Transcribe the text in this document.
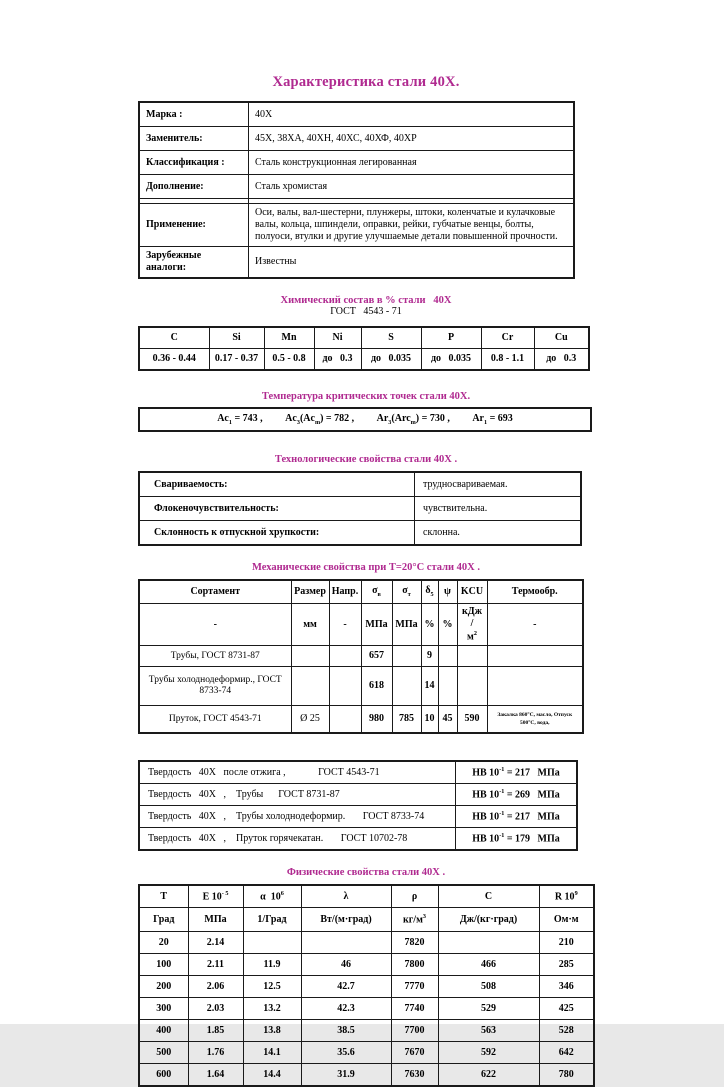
Характеристика стали 40Х.
Марка :	40Х
Заменитель:	45Х, 38ХА, 40ХН, 40ХС, 40ХФ, 40ХР
Классификация :	Сталь конструкционная легированная
Дополнение:	Сталь хромистая

Применение:	Оси, валы, вал-шестерни, плунжеры, штоки, коленчатые и кулачковые валы, кольца, шпиндели, оправки, рейки, губчатые венцы, болты, полуоси, втулки и другие улучшаемые детали повышенной прочности.
Зарубежные аналоги:	Известны
Химический состав в % стали   40Х
ГОСТ   4543 - 71
С	Si	Mn	Ni	S	P	Cr	Cu
0.36 - 0.44	0.17 - 0.37	0.5 - 0.8	до   0.3	до   0.035	до   0.035	0.8 - 1.1	до   0.3
Температура критических точек стали 40Х.
$Ac_1 = 743$ , $Ac_3(Ac_m) = 782$ , $Ar_3(Arc_m) = 730$ , $Ar_1 = 693$
Технологические свойства стали 40Х .
Свариваемость:	трудносвариваемая.
Флокеночувствительность:	чувствительна.
Склонность к отпускной хрупкости:	склонна.
Механические свойства при Т=20°С стали 40Х .
Сортамент	Размер	Напр.	$\sigma_в$	$\sigma_т$	$\delta_5$	ψ	KCU	Термообр.
-	мм	-	МПа	МПа	%	%	кДж /
$м^2$	-
Трубы, ГОСТ 8731-87			657		9			
Трубы холоднодеформир., ГОСТ 8733-74			618		14			
Пруток, ГОСТ 4543-71	Ø 25		980	785	10	45	590	Закалка 860°С, масло, Отпуск 500°С, вода,
Твердость   40Х   после отжига ,             ГОСТ 4543-71	НВ $10^{-1} = 217$   МПа
Твердость   40Х   ,    Трубы      ГОСТ 8731-87	НВ $10^{-1} = 269$   МПа
Твердость   40Х   ,    Трубы холоднодеформир.       ГОСТ 8733-74	НВ $10^{-1} = 217$   МПа
Твердость   40Х   ,    Пруток горячекатан.       ГОСТ 10702-78	НВ $10^{-1} = 179$   МПа
Физические свойства стали 40Х .
Т	Е $10^{- 5}$	α  $10^6$	λ	ρ	С	R $10^9$
Град	МПа	1/Град	Вт/(м·град)	$кг/м^3$	Дж/(кг·град)	Ом·м
20	2.14			7820		210
100	2.11	11.9	46	7800	466	285
200	2.06	12.5	42.7	7770	508	346
300	2.03	13.2	42.3	7740	529	425
400	1.85	13.8	38.5	7700	563	528
500	1.76	14.1	35.6	7670	592	642
600	1.64	14.4	31.9	7630	622	780
